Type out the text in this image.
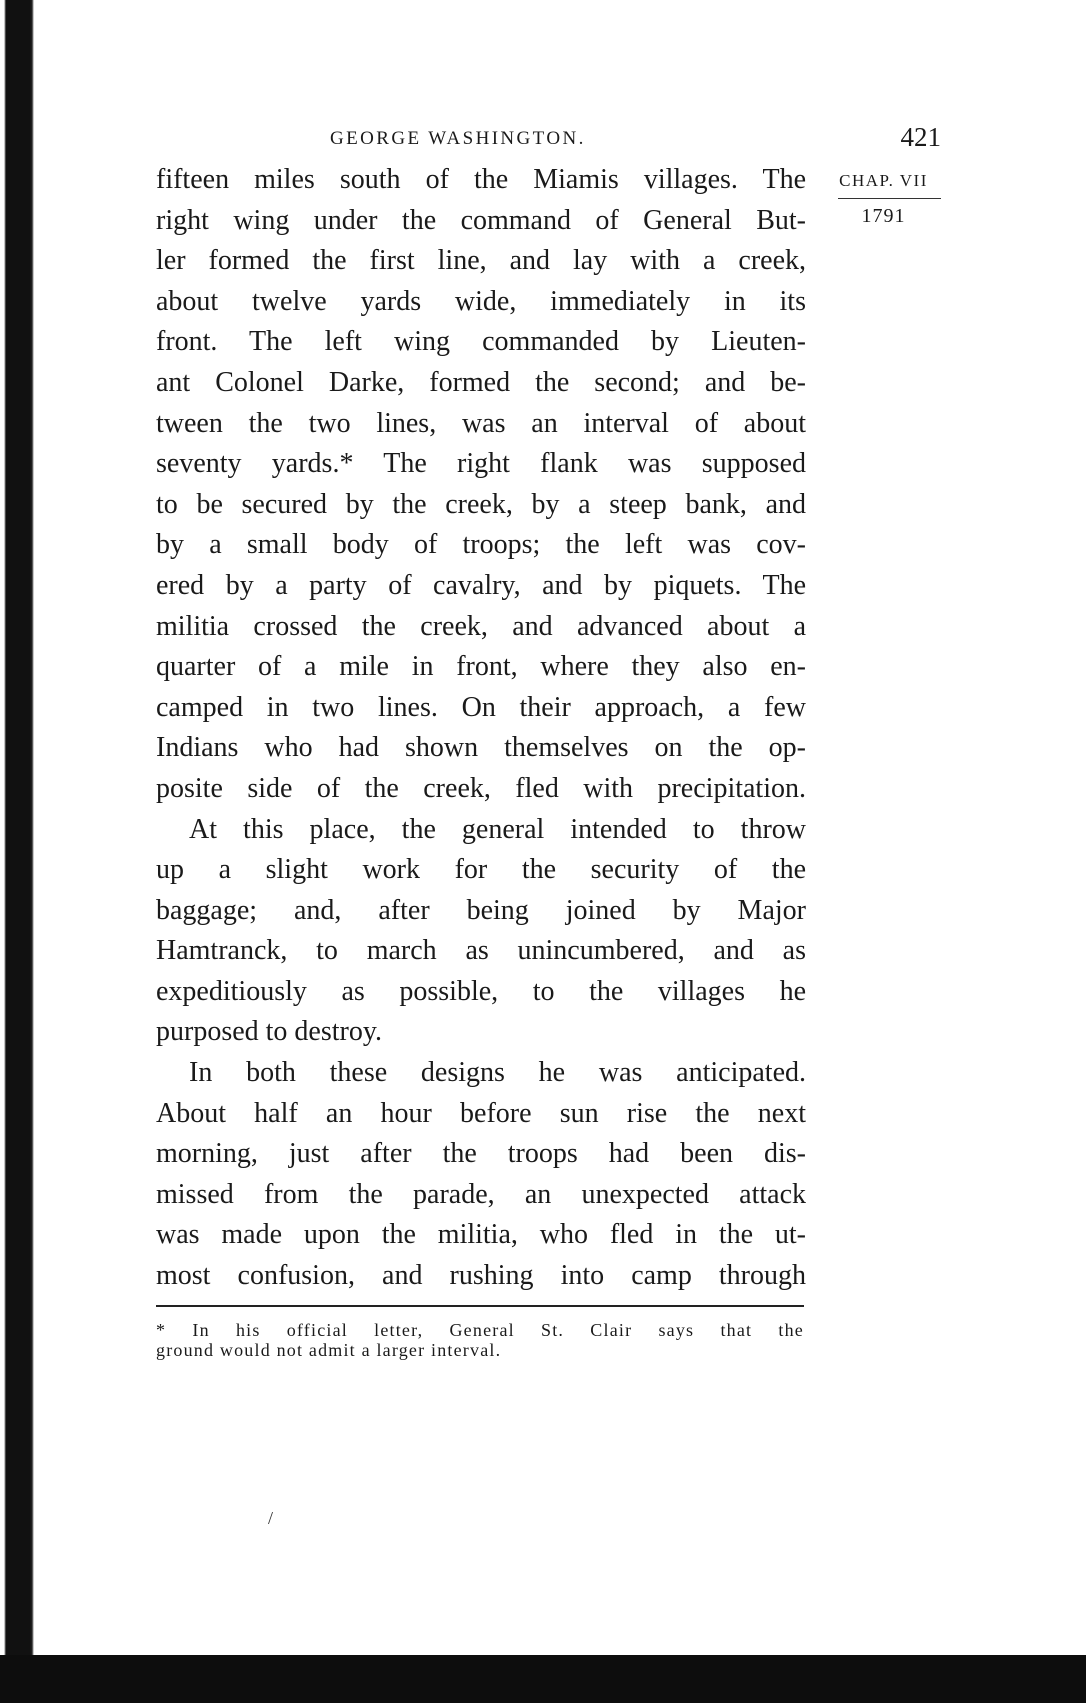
GEORGE WASHINGTON.	421
CHAP. VII
1791
fifteen miles south of the Miamis villages. The
right wing under the command of General But-
ler formed the first line, and lay with a creek,
about twelve yards wide, immediately in its
front. The left wing commanded by Lieuten-
ant Colonel Darke, formed the second; and be-
tween the two lines, was an interval of about
seventy yards.* The right flank was supposed
to be secured by the creek, by a steep bank, and
by a small body of troops; the left was cov-
ered by a party of cavalry, and by piquets. The
militia crossed the creek, and advanced about a
quarter of a mile in front, where they also en-
camped in two lines. On their approach, a few
Indians who had shown themselves on the op-
posite side of the creek, fled with precipitation.
At this place, the general intended to throw
up a slight work for the security of the
baggage; and, after being joined by Major
Hamtranck, to march as unincumbered, and as
expeditiously as possible, to the villages he
purposed to destroy.
In both these designs he was anticipated.
About half an hour before sun rise the next
morning, just after the troops had been dis-
missed from the parade, an unexpected attack
was made upon the militia, who fled in the ut-
most confusion, and rushing into camp through
* In his official letter, General St. Clair says that the
ground would not admit a larger interval.
/
